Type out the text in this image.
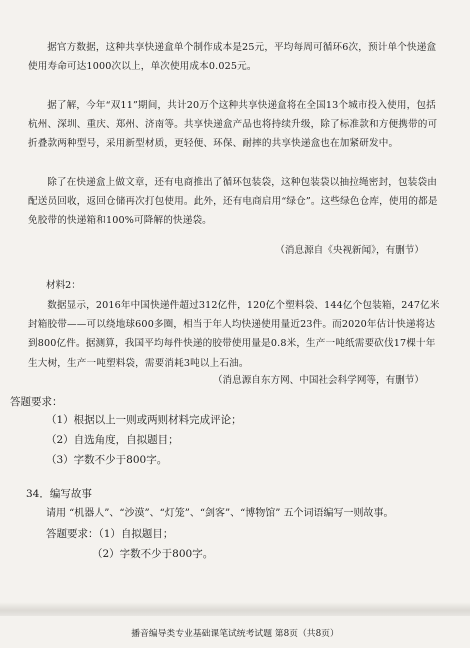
据官方数据，这种共享快递盒单个制作成本是25元，平均每周可循环6次，预计单个快递盒使用寿命可达1000次以上，单次使用成本0.025元。

据了解，今年“双11”期间，共计20万个这种共享快递盒将在全国13个城市投入使用，包括杭州、深圳、重庆、郑州、济南等。共享快递盒产品也将持续升级，除了标准款和方便携带的可折叠款两种型号，采用新型材质，更轻便、环保、耐摔的共享快递盒也在加紧研发中。

除了在快递盒上做文章，还有电商推出了循环包装袋，这种包装袋以抽拉绳密封，包装袋由配送员回收，返回仓储再次打包使用。此外，还有电商启用“绿仓”。这些绿色仓库，使用的都是免胶带的快递箱和100%可降解的快递袋。

（消息源自《央视新闻》，有删节）
材料2：

数据显示，2016年中国快递件超过312亿件，120亿个塑料袋、144亿个包装箱，247亿米封箱胶带——可以绕地球600多圈，相当于年人均快递使用量近23件。而2020年估计快递将达到800亿件。据测算，我国平均每件快递的胶带使用量是0.8米，生产一吨纸需要砍伐17棵十年生大树，生产一吨塑料袋，需要消耗3吨以上石油。

（消息源自东方网、中国社会科学网等，有删节）
答题要求：
（1）根据以上一则或两则材料完成评论；
（2）自选角度，自拟题目；
（3）字数不少于800字。
34．编写故事
请用 “机器人”、“沙漠”、“灯笼”、“剑客”、“博物馆” 五个词语编写一则故事。
答题要求：（1）自拟题目；
（2）字数不少于800字。
播音编导类专业基础课笔试统考试题 第8页（共8页）
